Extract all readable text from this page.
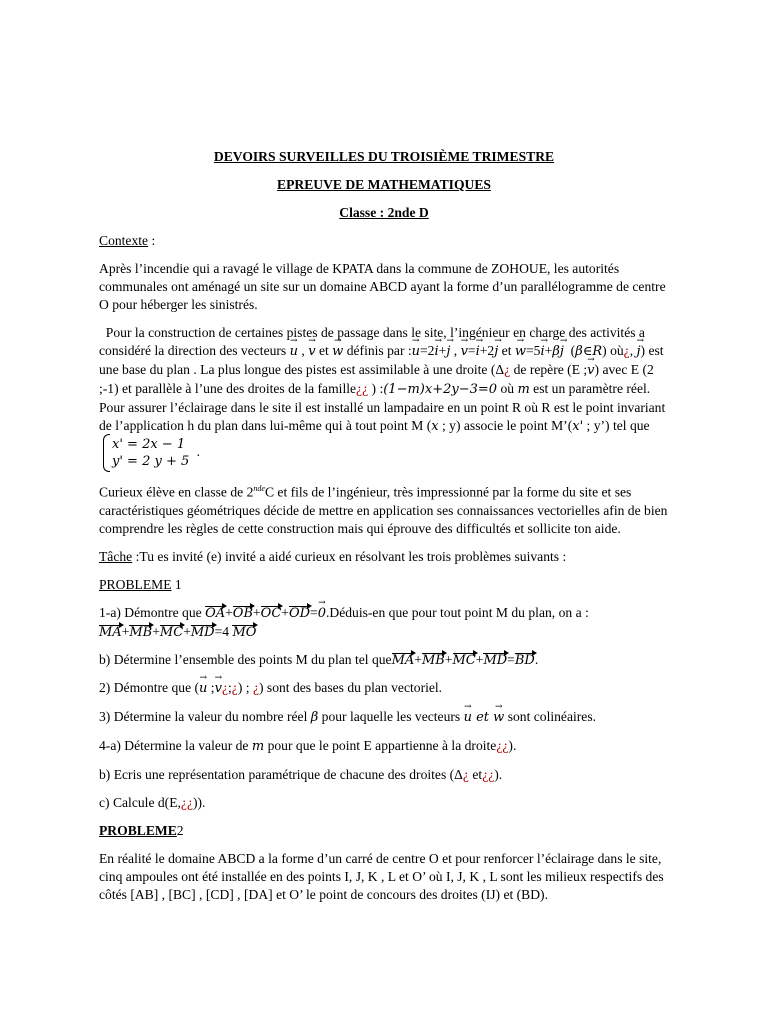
DEVOIRS SURVEILLES DU TROISIÈME TRIMESTRE

EPREUVE DE MATHEMATIQUES

Classe : 2nde D

Contexte :

Après l’incendie qui a ravagé le village de KPATA dans la commune de ZOHOUE, les autorités communales ont aménagé un site sur un domaine ABCD ayant la forme d’un parallélogramme de centre O pour héberger les sinistrés.

Pour la construction de certaines pistes de passage dans le site, l’ingénieur en charge des activités a considéré la direction des vecteurs → u , → v et → w définis par :→ u=2→ i+→ j , → v=→ i+2→ j et → w=5→ i+β→ j  (β∈R) où¿, → j) est une base du plan . La plus longue des pistes est assimilable à une droite (Δ¿ de repère (E ;→ v) avec E (2 ;-1) et parallèle à l’une des droites de la famille¿¿ ) :(1−m)x+2y−3=0 où m est un paramètre réel. Pour assurer l’éclairage dans le site il est installé un lampadaire en un point R où R est le point invariant de l’application h du plan dans lui-même qui à tout point M (x ; y) associe le point M’(x' ; y’) tel que
x' = 2x − 1
y' = 2 y + 5
.

Curieux élève en classe de 2ndeC et fils de l’ingénieur, très impressionné par la forme du site et ses caractéristiques géométriques décide de mettre en application ses connaissances vectorielles afin de bien comprendre les règles de cette construction mais qui éprouve des difficultés et sollicite ton aide.

Tâche :Tu es invité (e) invité a aidé curieux en résolvant les trois problèmes suivants :

PROBLEME 1

1-a) Démontre que OA+OB+OC+OD=→ 0.Déduis-en que pour tout point M du plan, on a :
MA+MB+MC+MD=4 MO

b) Détermine l’ensemble des points M du plan tel queMA+MB+MC+MD=BD.

2) Démontre que (→ u ;→ v¿;¿) ; ¿) sont des bases du plan vectoriel.

3) Détermine la valeur du nombre réel β pour laquelle les vecteurs → u et → w sont colinéaires.

4-a) Détermine la valeur de m pour que le point E appartienne à la droite¿¿).

b) Ecris une représentation paramétrique de chacune des droites (Δ¿ et¿¿).

c) Calcule d(E,¿¿)).

PROBLEME2

En réalité le domaine ABCD a la forme d’un carré de centre O et pour renforcer l’éclairage dans le site, cinq ampoules ont été installée en des points I, J, K , L et O’ où I, J, K , L sont les milieux respectifs des côtés [AB] , [BC] , [CD] , [DA] et O’ le point de concours des droites (IJ) et (BD).
